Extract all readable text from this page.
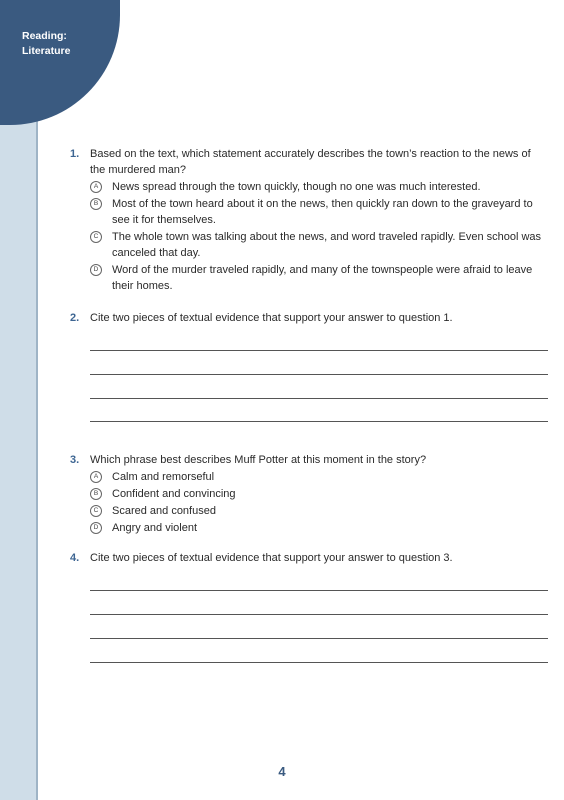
Reading: Literature
1. Based on the text, which statement accurately describes the town’s reaction to the news of the murdered man?
A	News spread through the town quickly, though no one was much interested.
B	Most of the town heard about it on the news, then quickly ran down to the graveyard to see it for themselves.
C	The whole town was talking about the news, and word traveled rapidly. Even school was canceled that day.
D	Word of the murder traveled rapidly, and many of the townspeople were afraid to leave their homes.
2. Cite two pieces of textual evidence that support your answer to question 1.
3. Which phrase best describes Muff Potter at this moment in the story?
A	Calm and remorseful
B	Confident and convincing
C	Scared and confused
D	Angry and violent
4. Cite two pieces of textual evidence that support your answer to question 3.
4
